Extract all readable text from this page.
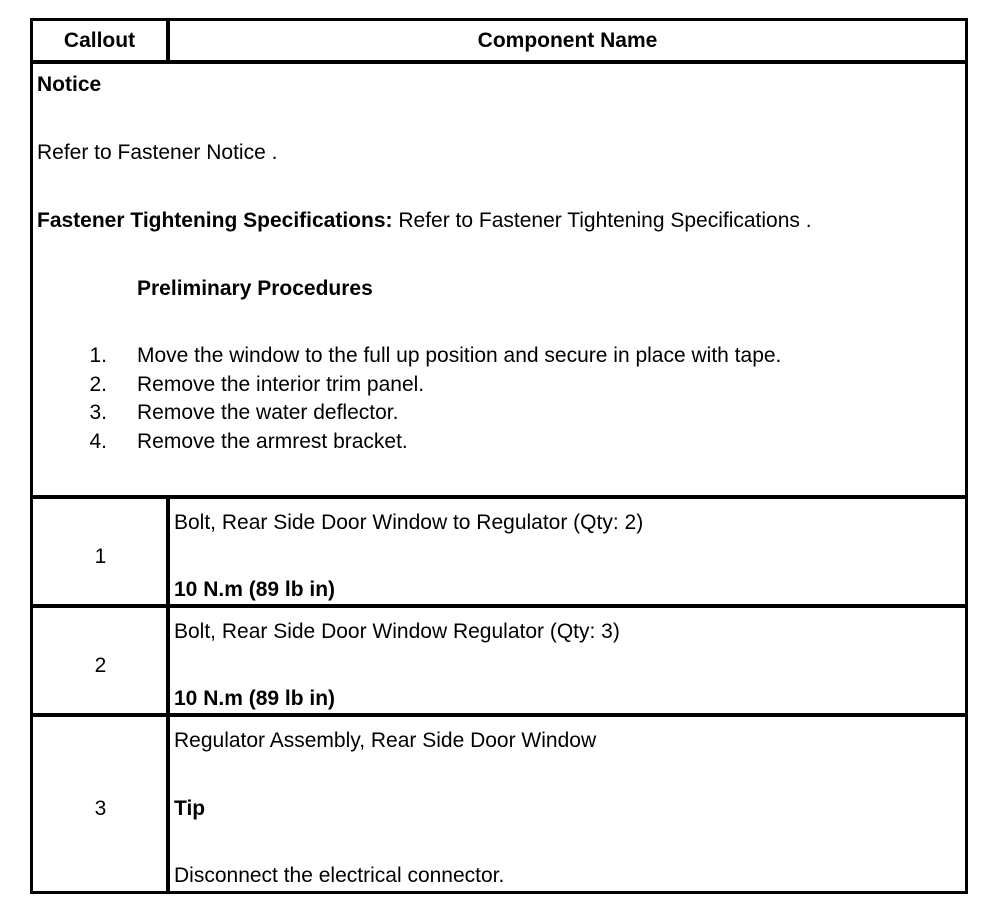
Callout	Component Name
Notice
Refer to Fastener Notice .
Fastener Tightening Specifications: Refer to Fastener Tightening Specifications .
Preliminary Procedures
1. Move the window to the full up position and secure in place with tape.
2. Remove the interior trim panel.
3. Remove the water deflector.
4. Remove the armrest bracket.
1
Bolt, Rear Side Door Window to Regulator (Qty: 2)
10 N.m (89 lb in)
2
Bolt, Rear Side Door Window Regulator (Qty: 3)
10 N.m (89 lb in)
3
Regulator Assembly, Rear Side Door Window
Tip
Disconnect the electrical connector.
